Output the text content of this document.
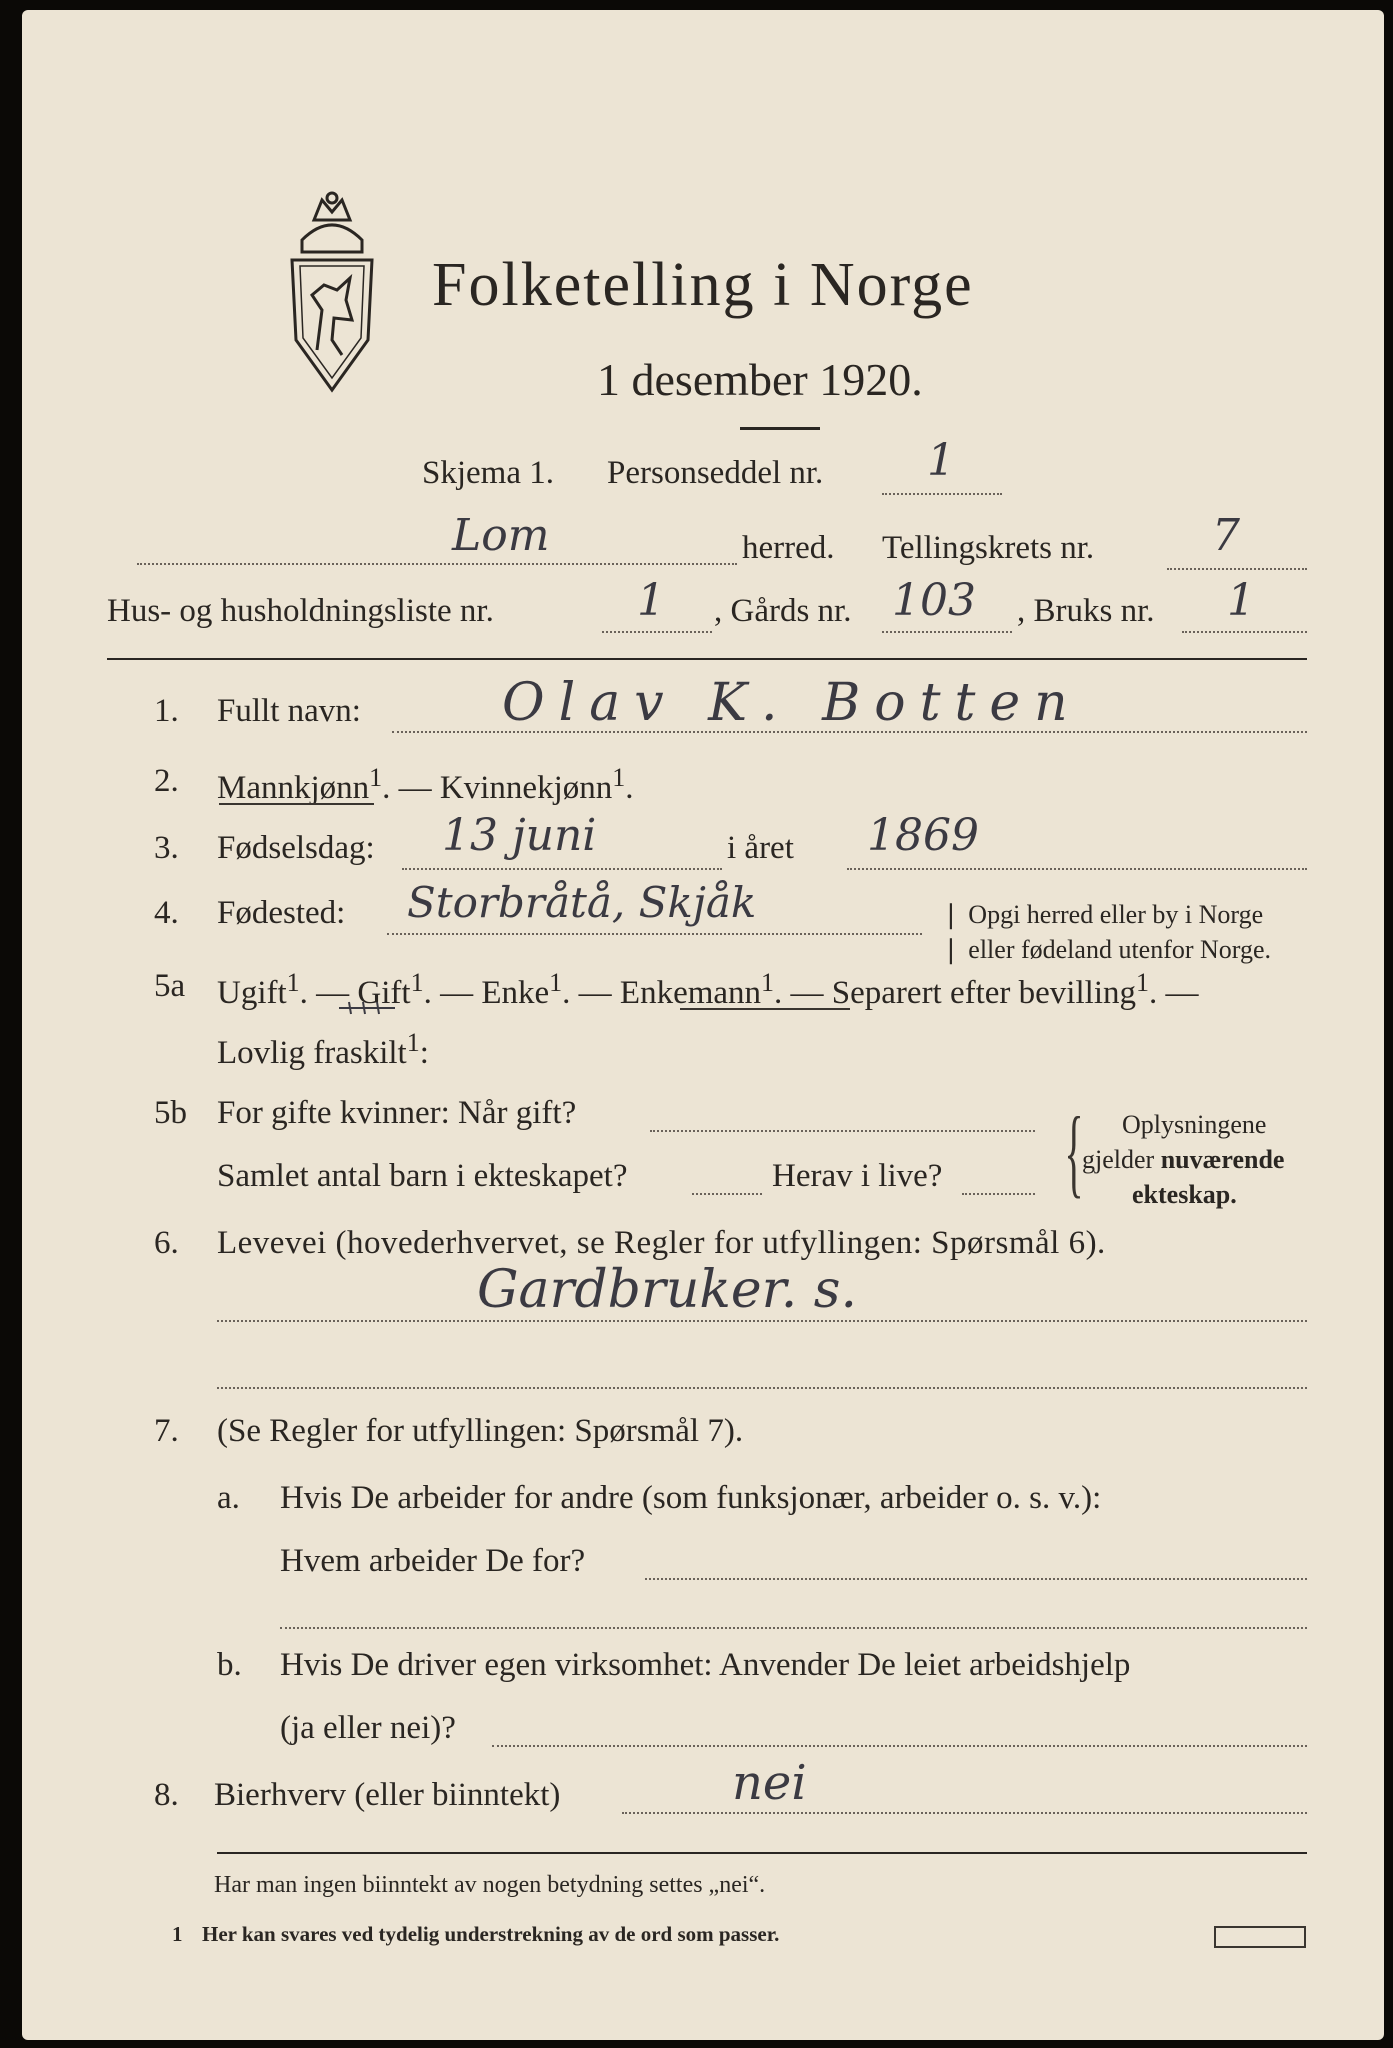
Folketelling i Norge
1 desember 1920.
Skjema 1. Personseddel nr. 1
Lom	herred. Tellingskrets nr.	7
Hus- og husholdningsliste nr.	1 , Gårds nr. 103 , Bruks nr. 1
1. Fullt navn:	Olav K. Botten
2. Mannkjønn$^1$. — Kvinnekjønn$^1$.
3. Fødselsdag: 13 juni	i året 1869
4. Fødested: Storbråtå, Skjåk	❘ Opgi herred eller by i Norge
❘ eller fødeland utenfor Norge.
5a Ugift$^1$. — Gift$^1$. — Enke$^1$. — Enkemann$^1$. — Separert efter bevilling$^1$. —
Lovlig fraskilt$^1$:
5b For gifte kvinner: Når gift?
Samlet antal barn i ekteskapet?	Herav i live? { Oplysningene
gjelder nuværende
ekteskap.
6. Levevei (hovederhvervet, se Regler for utfyllingen: Spørsmål 6).
Gardbruker. s.
7. (Se Regler for utfyllingen: Spørsmål 7).
a. Hvis De arbeider for andre (som funksjonær, arbeider o. s. v.):
Hvem arbeider De for?
b. Hvis De driver egen virksomhet: Anvender De leiet arbeidshjelp
(ja eller nei)?
8. Bierhverv (eller biinntekt)	nei
Har man ingen biinntekt av nogen betydning settes „nei“.
1 Her kan svares ved tydelig understrekning av de ord som passer.
